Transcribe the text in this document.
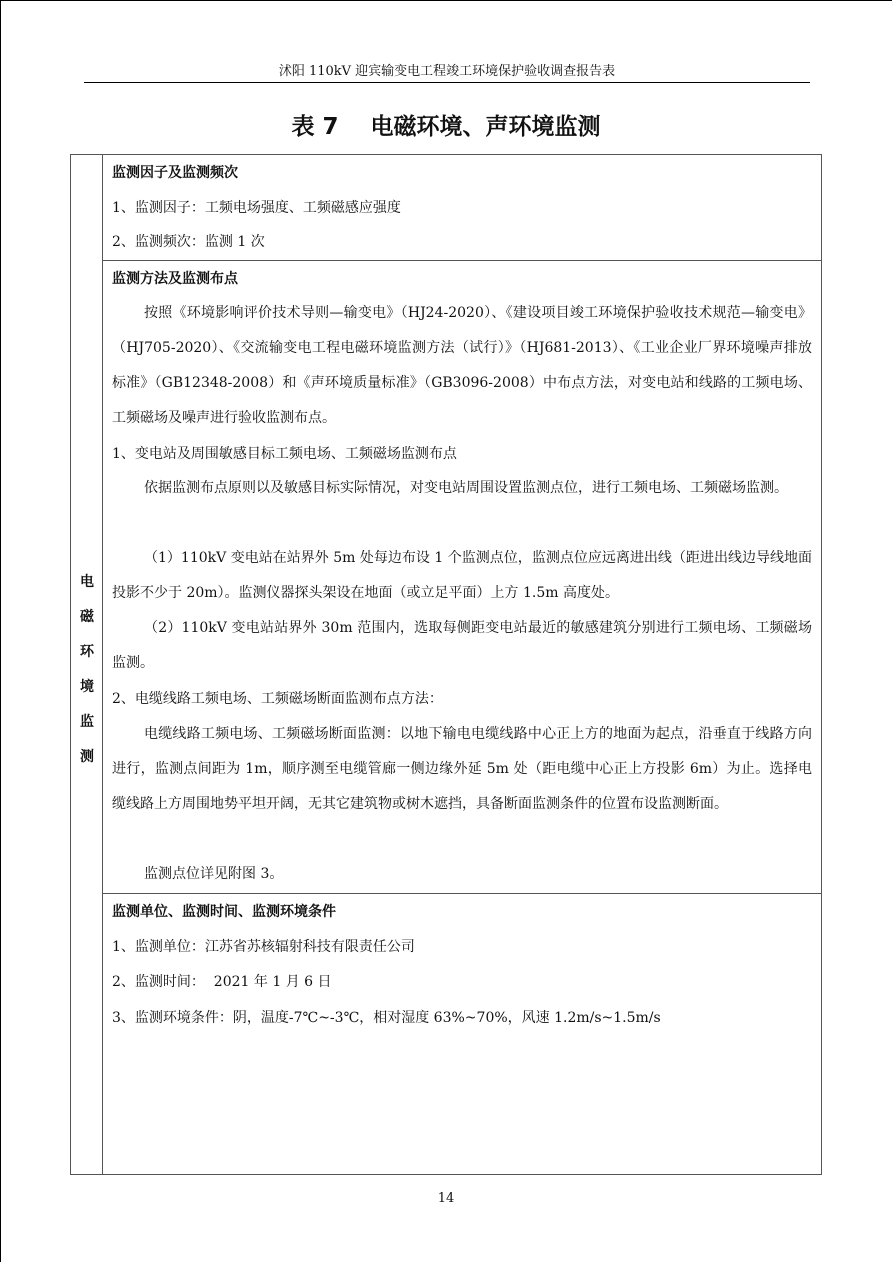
沭阳 110kV 迎宾输变电工程竣工环境保护验收调查报告表
表 7    电磁环境、声环境监测
电
磁
环
境
监
测
监测因子及监测频次
1、监测因子：工频电场强度、工频磁感应强度
2、监测频次：监测 1 次
监测方法及监测布点
按照《环境影响评价技术导则—输变电》（HJ24-2020）、《建设项目竣工环境保护验收技术规范—输变电》（HJ705-2020）、《交流输变电工程电磁环境监测方法（试行）》（HJ681-2013）、《工业企业厂界环境噪声排放标准》（GB12348-2008）和《声环境质量标准》（GB3096-2008）中布点方法，对变电站和线路的工频电场、工频磁场及噪声进行验收监测布点。
1、变电站及周围敏感目标工频电场、工频磁场监测布点
依据监测布点原则以及敏感目标实际情况，对变电站周围设置监测点位，进行工频电场、工频磁场监测。
（1）110kV 变电站在站界外 5m 处每边布设 1 个监测点位，监测点位应远离进出线（距进出线边导线地面投影不少于 20m）。监测仪器探头架设在地面（或立足平面）上方 1.5m 高度处。
（2）110kV 变电站站界外 30m 范围内，选取每侧距变电站最近的敏感建筑分别进行工频电场、工频磁场监测。
2、电缆线路工频电场、工频磁场断面监测布点方法：
电缆线路工频电场、工频磁场断面监测：以地下输电电缆线路中心正上方的地面为起点，沿垂直于线路方向进行，监测点间距为 1m，顺序测至电缆管廊一侧边缘外延 5m 处（距电缆中心正上方投影 6m）为止。选择电缆线路上方周围地势平坦开阔，无其它建筑物或树木遮挡，具备断面监测条件的位置布设监测断面。
监测点位详见附图 3。
监测单位、监测时间、监测环境条件
1、监测单位：江苏省苏核辐射科技有限责任公司
2、监测时间：  2021 年 1 月 6 日
3、监测环境条件：阴，温度-7℃~-3℃，相对湿度 63%~70%，风速 1.2m/s~1.5m/s
14
